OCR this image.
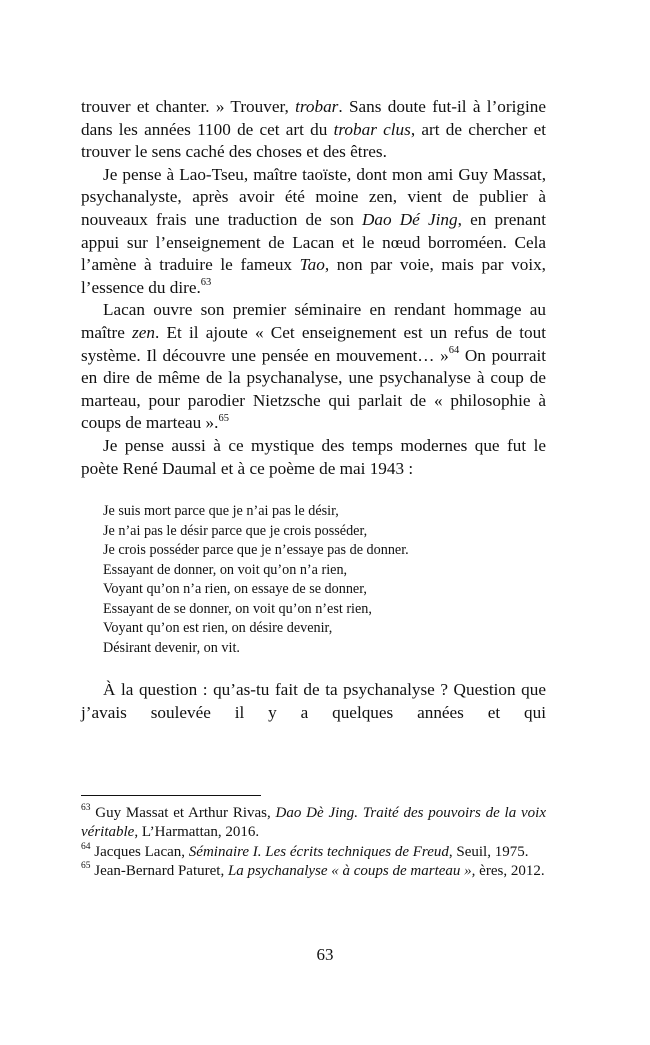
trouver et chanter. » Trouver, trobar. Sans doute fut-il à l’origine dans les années 1100 de cet art du trobar clus, art de chercher et trouver le sens caché des choses et des êtres.

Je pense à Lao-Tseu, maître taoïste, dont mon ami Guy Massat, psychanalyste, après avoir été moine zen, vient de publier à nouveaux frais une traduction de son Dao Dé Jing, en prenant appui sur l’enseignement de Lacan et le nœud borroméen. Cela l’amène à traduire le fameux Tao, non par voie, mais par voix, l’essence du dire.$^{63}$

Lacan ouvre son premier séminaire en rendant hommage au maître zen. Et il ajoute « Cet enseignement est un refus de tout système. Il découvre une pensée en mouvement… »$^{64}$ On pourrait en dire de même de la psychanalyse, une psychanalyse à coup de marteau, pour parodier Nietzsche qui parlait de « philosophie à coups de marteau ».$^{65}$

Je pense aussi à ce mystique des temps modernes que fut le poète René Daumal et à ce poème de mai 1943 :

Je suis mort parce que je n’ai pas le désir,
Je n’ai pas le désir parce que je crois posséder,
Je crois posséder parce que je n’essaye pas de donner.
Essayant de donner, on voit qu’on n’a rien,
Voyant qu’on n’a rien, on essaye de se donner,
Essayant de se donner, on voit qu’on n’est rien,
Voyant qu’on est rien, on désire devenir,
Désirant devenir, on vit.

À la question : qu’as-tu fait de ta psychanalyse ? Question que j’avais soulevée il y a quelques années et qui

$^{63}$ Guy Massat et Arthur Rivas, Dao Dè Jing. Traité des pouvoirs de la voix véritable, L’Harmattan, 2016.

$^{64}$ Jacques Lacan, Séminaire I. Les écrits techniques de Freud, Seuil, 1975.

$^{65}$ Jean-Bernard Paturet, La psychanalyse « à coups de marteau », ères, 2012.

63
